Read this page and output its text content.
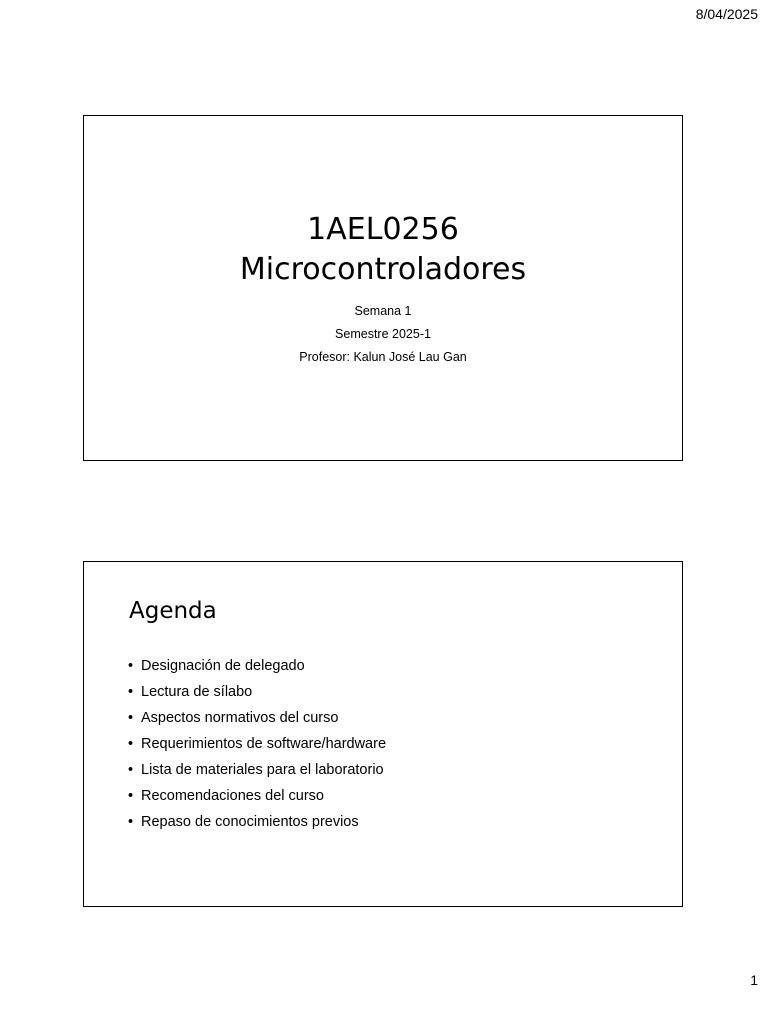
8/04/2025
1AEL0256
Microcontroladores
Semana 1
Semestre 2025-1
Profesor: Kalun José Lau Gan
Agenda
• Designación de delegado
• Lectura de sílabo
• Aspectos normativos del curso
• Requerimientos de software/hardware
• Lista de materiales para el laboratorio
• Recomendaciones del curso
• Repaso de conocimientos previos
1
